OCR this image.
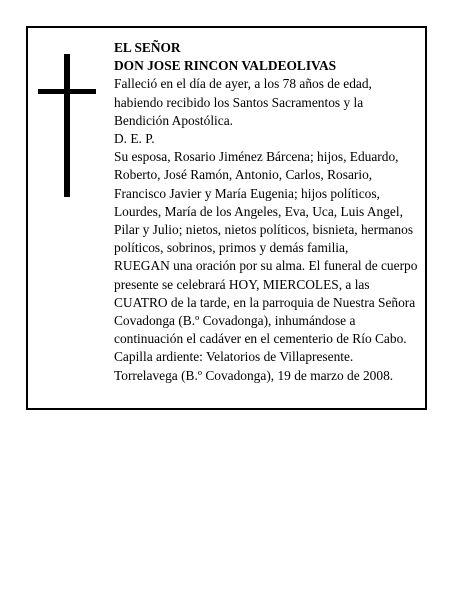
EL SEÑOR

DON JOSE RINCON VALDEOLIVAS

Falleció en el día de ayer, a los 78 años de edad, habiendo recibido los Santos Sacramentos y la Bendición Apostólica.

D. E. P.

Su esposa, Rosario Jiménez Bárcena; hijos, Eduardo, Roberto, José Ramón, Antonio, Carlos, Rosario, Francisco Javier y María Eugenia; hijos políticos, Lourdes, María de los Angeles, Eva, Uca, Luis Angel, Pilar y Julio; nietos, nietos políticos, bisnieta, hermanos políticos, sobrinos, primos y demás familia,

RUEGAN una oración por su alma. El funeral de cuerpo presente se celebrará HOY, MIERCOLES, a las CUATRO de la tarde, en la parroquia de Nuestra Señora Covadonga (B.º Covadonga), inhumándose a continuación el cadáver en el cementerio de Río Cabo.

Capilla ardiente: Velatorios de Villapresente.

Torrelavega (B.º Covadonga), 19 de marzo de 2008.
